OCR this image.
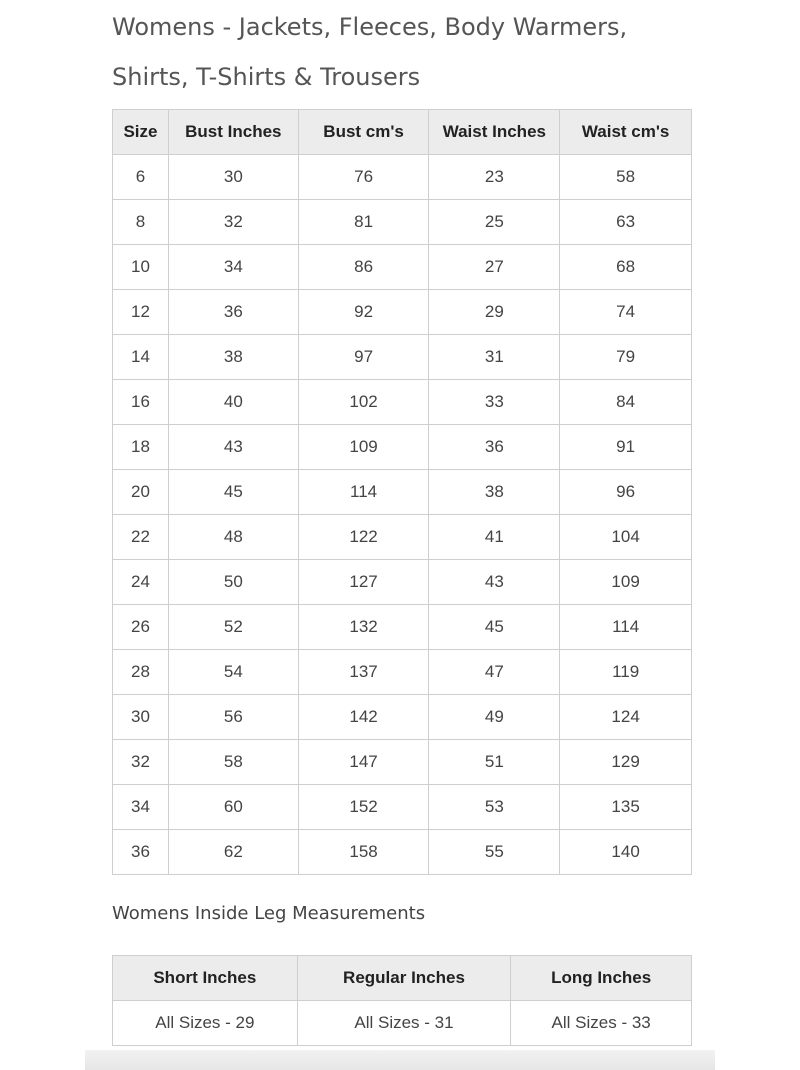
Womens - Jackets, Fleeces, Body Warmers,
Shirts, T-Shirts & Trousers
Size	Bust Inches	Bust cm's	Waist Inches	Waist cm's
6	30	76	23	58
8	32	81	25	63
10	34	86	27	68
12	36	92	29	74
14	38	97	31	79
16	40	102	33	84
18	43	109	36	91
20	45	114	38	96
22	48	122	41	104
24	50	127	43	109
26	52	132	45	114
28	54	137	47	119
30	56	142	49	124
32	58	147	51	129
34	60	152	53	135
36	62	158	55	140
Womens Inside Leg Measurements
Short Inches	Regular Inches	Long Inches
All Sizes - 29	All Sizes - 31	All Sizes - 33
